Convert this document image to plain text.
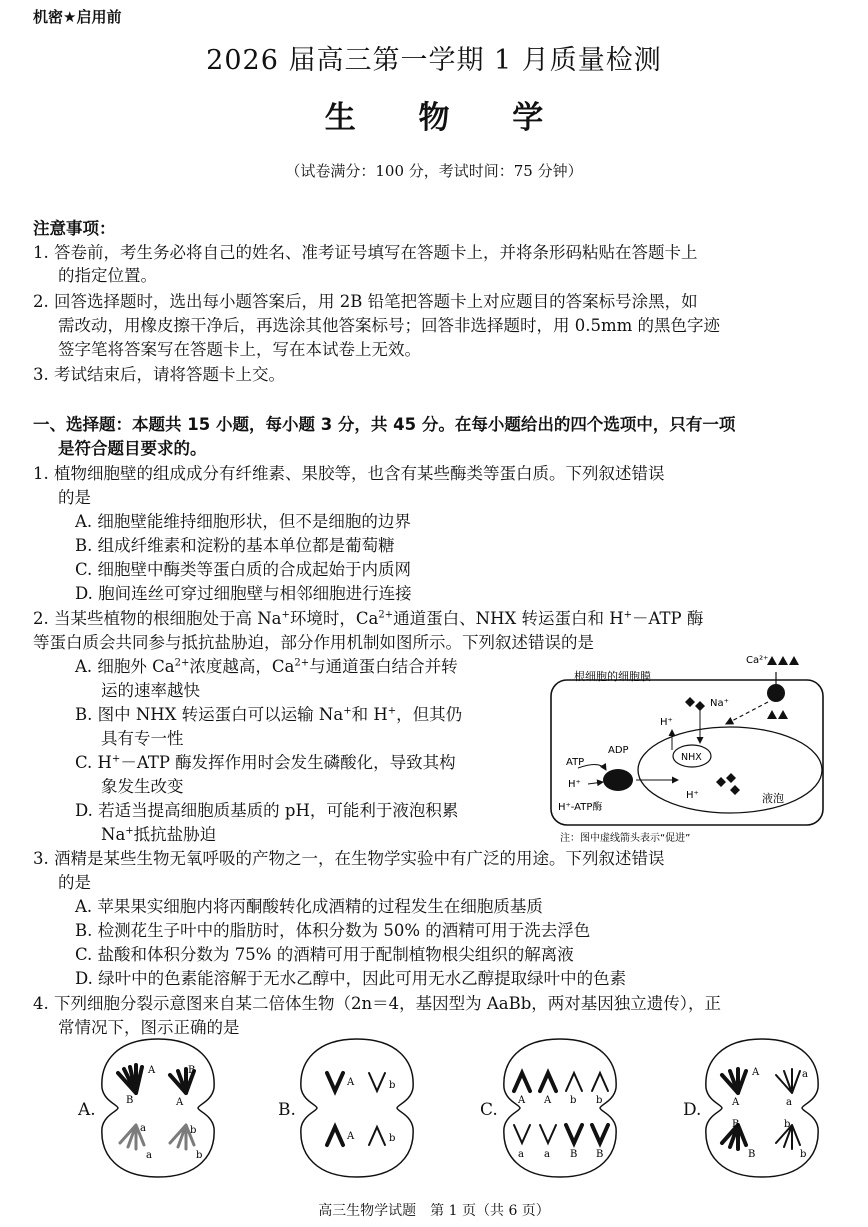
机密★启用前
2026 届高三第一学期 1 月质量检测
生 物 学
（试卷满分：100 分，考试时间：75 分钟）
注意事项：
1. 答卷前，考生务必将自己的姓名、准考证号填写在答题卡上，并将条形码粘贴在答题卡上
的指定位置。
2. 回答选择题时，选出每小题答案后，用 2B 铅笔把答题卡上对应题目的答案标号涂黑，如
需改动，用橡皮擦干净后，再选涂其他答案标号；回答非选择题时，用 0.5mm 的黑色字迹
签字笔将答案写在答题卡上，写在本试卷上无效。
3. 考试结束后，请将答题卡上交。
一、选择题：本题共 15 小题，每小题 3 分，共 45 分。在每小题给出的四个选项中，只有一项
是符合题目要求的。
1. 植物细胞壁的组成成分有纤维素、果胶等，也含有某些酶类等蛋白质。下列叙述错误
的是
A. 细胞壁能维持细胞形状，但不是细胞的边界
B. 组成纤维素和淀粉的基本单位都是葡萄糖
C. 细胞壁中酶类等蛋白质的合成起始于内质网
D. 胞间连丝可穿过细胞壁与相邻细胞进行连接
2. 当某些植物的根细胞处于高 Na+环境时，$Ca^{2+}$通道蛋白、NHX 转运蛋白和 H+－ATP 酶
等蛋白质会共同参与抵抗盐胁迫，部分作用机制如图所示。下列叙述错误的是
A. 细胞外 $Ca^{2+}$浓度越高，$Ca^{2+}$与通道蛋白结合并转
运的速率越快
B. 图中 NHX 转运蛋白可以运输 Na+和 H+，但其仍
具有专一性
C. H+－ATP 酶发挥作用时会发生磷酸化，导致其构
象发生改变
D. 若适当提高细胞质基质的 pH，可能利于液泡积累
Na+抵抗盐胁迫
根细胞的细胞膜
Ca²⁺
Na⁺
NHX
H⁺
H⁺
ATP
ADP
H⁺
液泡
H⁺-ATP酶
注：图中虚线箭头表示“促进”
3. 酒精是某些生物无氧呼吸的产物之一，在生物学实验中有广泛的用途。下列叙述错误
的是
A. 苹果果实细胞内将丙酮酸转化成酒精的过程发生在细胞质基质
B. 检测花生子叶中的脂肪时，体积分数为 50% 的酒精可用于洗去浮色
C. 盐酸和体积分数为 75% 的酒精可用于配制植物根尖组织的解离液
D. 绿叶中的色素能溶解于无水乙醇中，因此可用无水乙醇提取绿叶中的色素
4. 下列细胞分裂示意图来自某二倍体生物（2n＝4，基因型为 AaBb，两对基因独立遗传），正
常情况下，图示正确的是
A.
A
B
B
A
a
a
b
b
B.
A	b
A	b
C. A A b b
a a B B
D.
A
A
a
a
B
B
b
b
高三生物学试题　第 1 页（共 6 页）
